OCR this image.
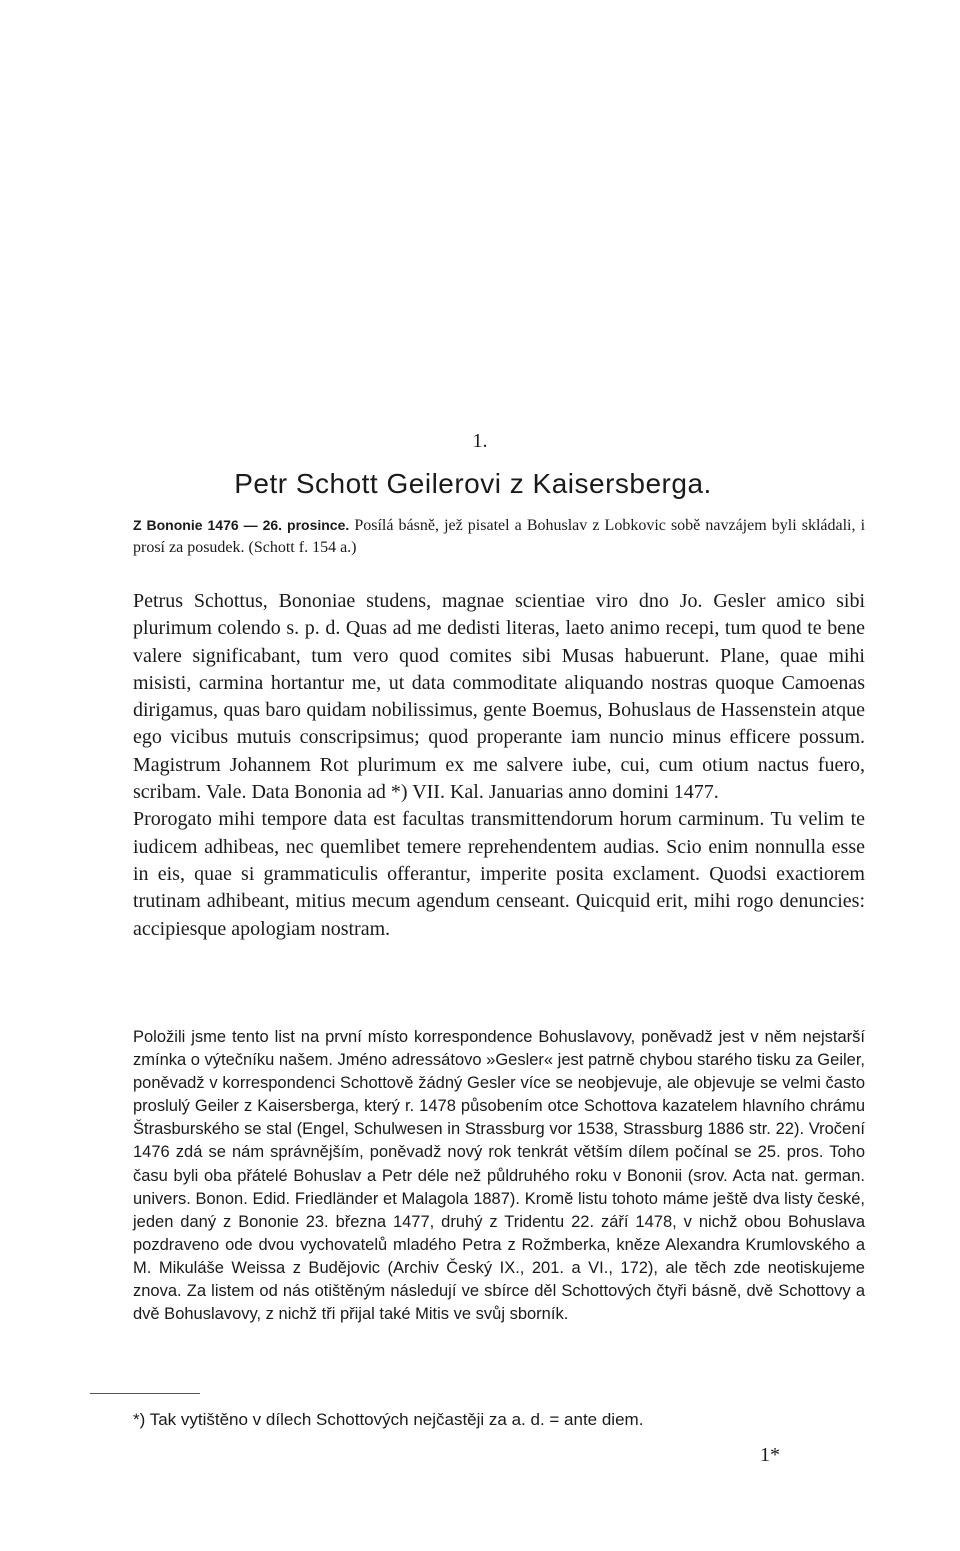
1.
Petr Schott Geilerovi z Kaisersberga.
Z Bononie 1476 — 26. prosince. Posílá básně, jež pisatel a Bohuslav z Lobkovic sobě navzájem byli skládali, i prosí za posudek. (Schott f. 154 a.)

Petrus Schottus, Bononiae studens, magnae scientiae viro dno Jo. Gesler amico sibi plurimum colendo s. p. d. Quas ad me dedisti literas, laeto animo recepi, tum quod te bene valere significabant, tum vero quod comites sibi Musas habuerunt. Plane, quae mihi misisti, carmina hortantur me, ut data commoditate aliquando nostras quoque Camoenas dirigamus, quas baro quidam nobilissimus, gente Boemus, Bohuslaus de Hassenstein atque ego vicibus mutuis conscripsimus; quod properante iam nuncio minus efficere possum. Magistrum Johannem Rot plurimum ex me salvere iube, cui, cum otium nactus fuero, scribam. Vale. Data Bononia ad *) VII. Kal. Januarias anno domini 1477.

Prorogato mihi tempore data est facultas transmittendorum horum carminum. Tu velim te iudicem adhibeas, nec quemlibet temere reprehendentem audias. Scio enim nonnulla esse in eis, quae si grammaticulis offerantur, imperite posita exclament. Quodsi exactiorem trutinam adhibeant, mitius mecum agendum censeant. Quicquid erit, mihi rogo denuncies: accipiesque apologiam nostram.

Položili jsme tento list na první místo korrespondence Bohuslavovy, poněvadž jest v něm nejstarší zmínka o výtečníku našem. Jméno adressátovo »Gesler« jest patrně chybou starého tisku za Geiler, poněvadž v korrespondenci Schottově žádný Gesler více se neobjevuje, ale objevuje se velmi často proslulý Geiler z Kaisersberga, který r. 1478 působením otce Schottova kazatelem hlavního chrámu Štrasburského se stal (Engel, Schulwesen in Strassburg vor 1538, Strassburg 1886 str. 22). Vročení 1476 zdá se nám správnějším, poněvadž nový rok tenkrát větším dílem počínal se 25. pros. Toho času byli oba přátelé Bohuslav a Petr déle než půldruhého roku v Bononii (srov. Acta nat. german. univers. Bonon. Edid. Friedländer et Malagola 1887). Kromě listu tohoto máme ještě dva listy české, jeden daný z Bononie 23. března 1477, druhý z Tridentu 22. září 1478, v nichž obou Bohuslava pozdraveno ode dvou vychovatelů mladého Petra z Rožmberka, kněze Alexandra Krumlovského a M. Mikuláše Weissa z Budějovic (Archiv Český IX., 201. a VI., 172), ale těch zde neotiskujeme znova. Za listem od nás otištěným následují ve sbírce děl Schottových čtyři básně, dvě Schottovy a dvě Bohuslavovy, z nichž tři přijal také Mitis ve svůj sborník.
*) Tak vytištěno v dílech Schottových nejčastěji za a. d. = ante diem.
1*
